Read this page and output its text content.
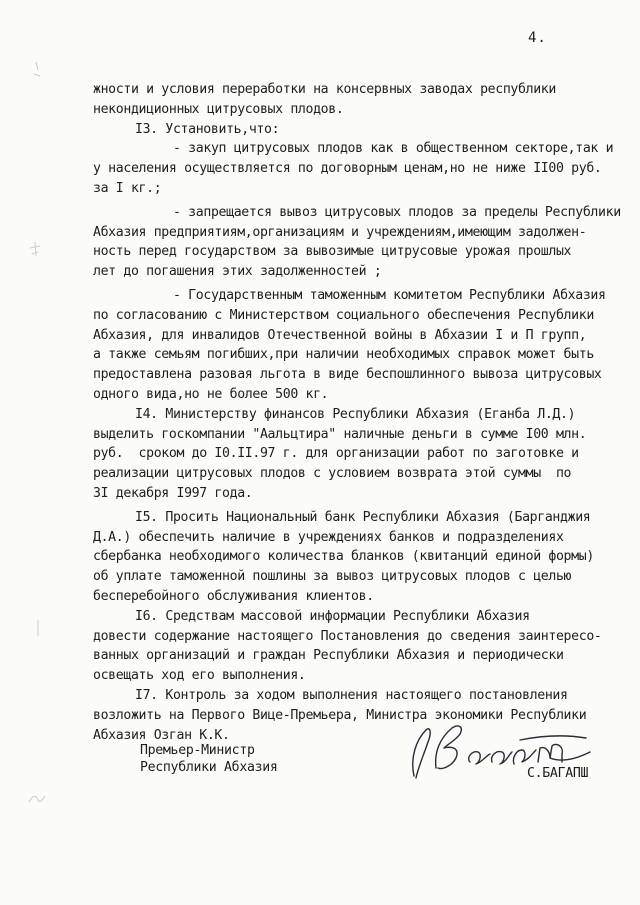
4.
жности и условия переработки на консервных заводах республики
некондиционных цитрусовых плодов.
I3. Установить,что:
- закуп цитрусовых плодов как в общественном секторе,так и
у населения осуществляется по договорным ценам,но не ниже II00 руб.
за I кг.;
- запрещается вывоз цитрусовых плодов за пределы Республики
Абхазия предприятиям,организациям и учреждениям,имеющим задолжен-
ность перед государством за вывозимые цитрусовые урожая прошлых
лет до погашения этих задолженностей ;
- Государственным таможенным комитетом Республики Абхазия
по согласованию с Министерством социального обеспечения Республики
Абхазия, для инвалидов Отечественной войны в Абхазии I и П групп,
а также семьям погибших,при наличии необходимых справок может быть
предоставлена разовая льгота в виде беспошлинного вывоза цитрусовых
одного вида,но не более 500 кг.
I4. Министерству финансов Республики Абхазия (Еганба Л.Д.)
выделить госкомпании "Аальцтира" наличные деньги в сумме I00 млн.
руб.  сроком до I0.II.97 г. для организации работ по заготовке и
реализации цитрусовых плодов с условием возврата этой суммы  по
3I декабря I997 года.
I5. Просить Национальный банк Республики Абхазия (Барганджия
Д.А.) обеспечить наличие в учреждениях банков и подразделениях
сбербанка необходимого количества бланков (квитанций единой формы)
об уплате таможенной пошлины за вывоз цитрусовых плодов с целью
бесперебойного обслуживания клиентов.
I6. Средствам массовой информации Республики Абхазия
довести содержание настоящего Постановления до сведения заинтересо-
ванных организаций и граждан Республики Абхазия и периодически
освещать ход его выполнения.
I7. Контроль за ходом выполнения настоящего постановления
возложить на Первого Вице-Премьера, Министра экономики Республики
Абхазия Озган К.К.
Премьер-Министр
Республики Абхазия	С.БАГАПШ
